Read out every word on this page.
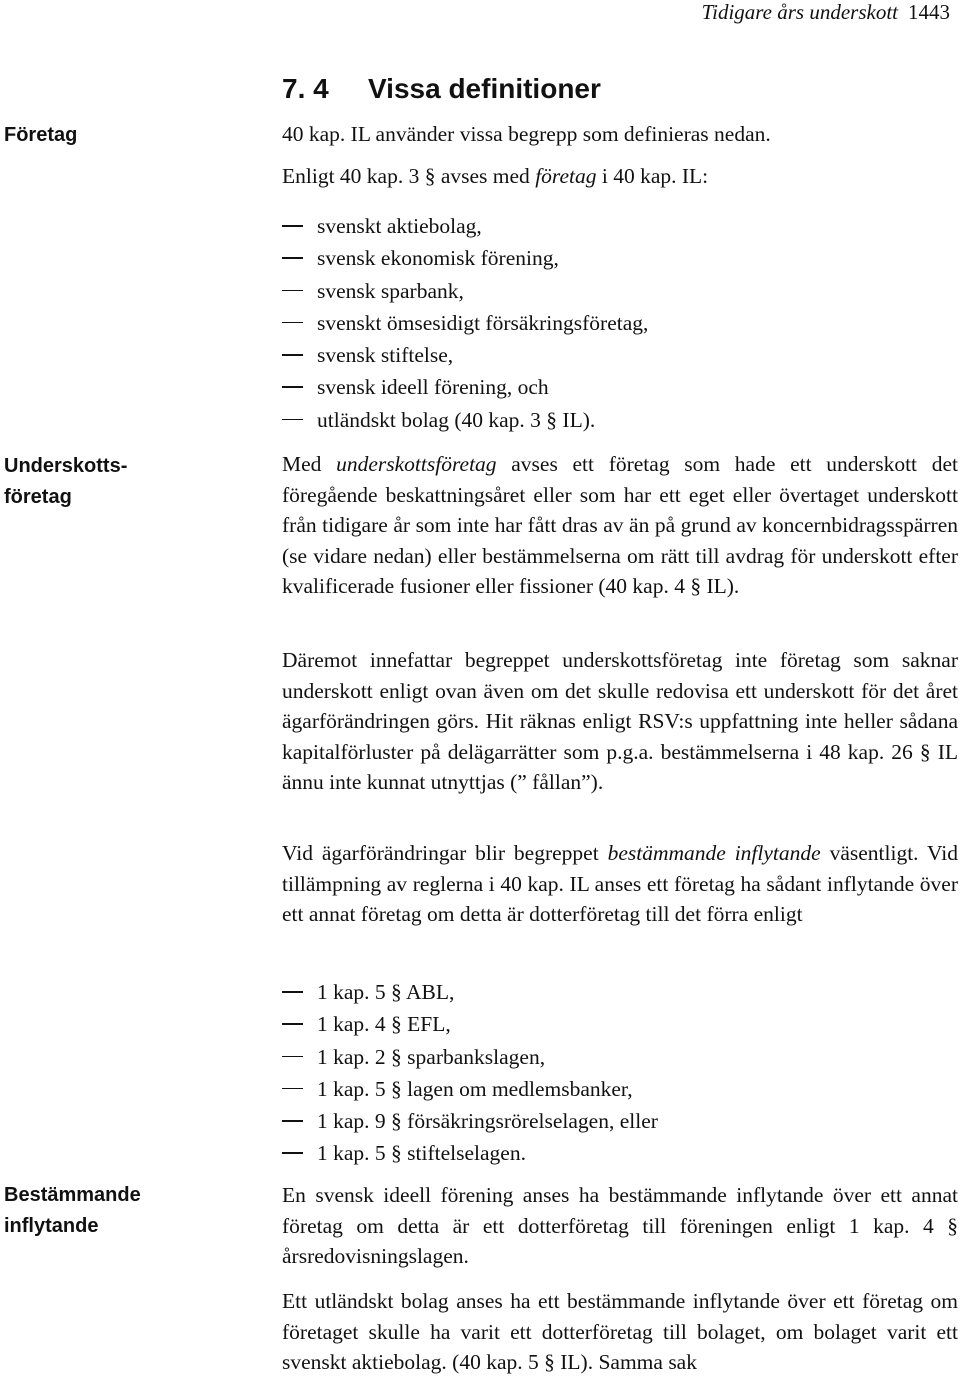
Tidigare års underskott 1443
7. 4 Vissa definitioner
Företag
Underskotts-
företag
Bestämmande
inflytande
40 kap. IL använder vissa begrepp som definieras nedan.
Enligt 40 kap. 3 § avses med företag i 40 kap. IL:
svenskt aktiebolag,
svensk ekonomisk förening,
svensk sparbank,
svenskt ömsesidigt försäkringsföretag,
svensk stiftelse,
svensk ideell förening, och
utländskt bolag (40 kap. 3 § IL).

Med underskottsföretag avses ett företag som hade ett underskott det föregående beskattningsåret eller som har ett eget eller övertaget underskott från tidigare år som inte har fått dras av än på grund av koncernbidragsspärren (se vidare nedan) eller bestämmelserna om rätt till avdrag för underskott efter kvalificerade fusioner eller fissioner (40 kap. 4 § IL).

Däremot innefattar begreppet underskottsföretag inte företag som saknar underskott enligt ovan även om det skulle redovisa ett underskott för det året ägarförändringen görs. Hit räknas enligt RSV:s uppfattning inte heller sådana kapitalförluster på delägarrätter som p.g.a. bestämmelserna i 48 kap. 26 § IL ännu inte kunnat utnyttjas (” fållan”).

Vid ägarförändringar blir begreppet bestämmande inflytande väsentligt. Vid tillämpning av reglerna i 40 kap. IL anses ett företag ha sådant inflytande över ett annat företag om detta är dotterföretag till det förra enligt

1 kap. 5 § ABL,
1 kap. 4 § EFL,
1 kap. 2 § sparbankslagen,
1 kap. 5 § lagen om medlemsbanker,
1 kap. 9 § försäkringsrörelselagen, eller
1 kap. 5 § stiftelselagen.

En svensk ideell förening anses ha bestämmande inflytande över ett annat företag om detta är ett dotterföretag till föreningen enligt 1 kap. 4 § årsredovisningslagen.

Ett utländskt bolag anses ha ett bestämmande inflytande över ett företag om företaget skulle ha varit ett dotterföretag till bolaget, om bolaget varit ett svenskt aktiebolag. (40 kap. 5 § IL). Samma sak
